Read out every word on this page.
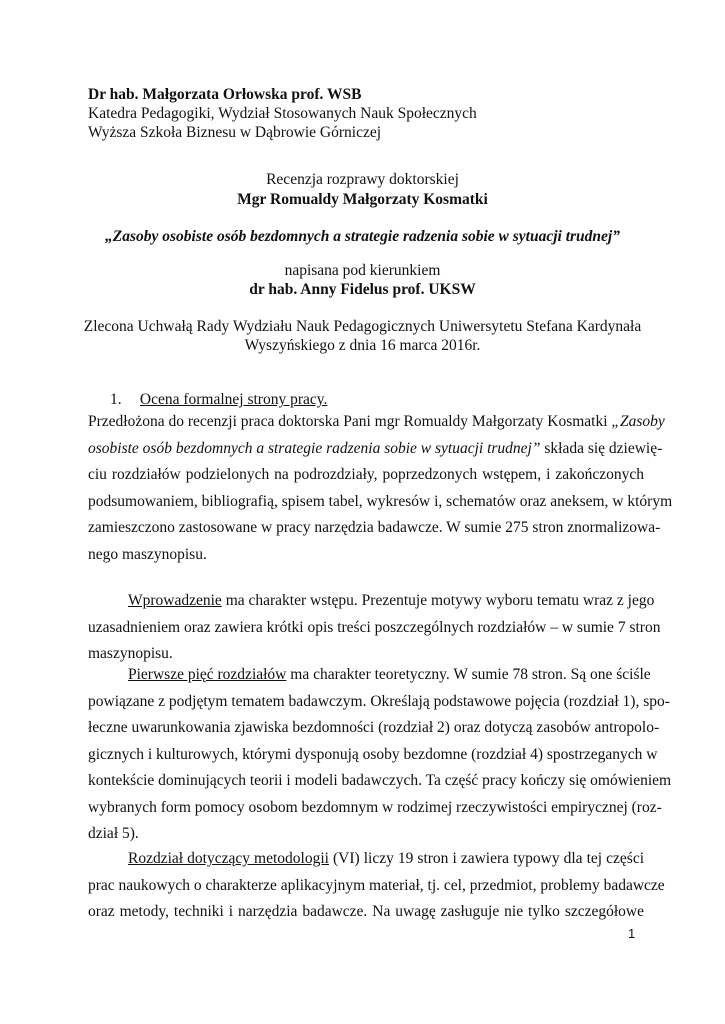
Dr hab. Małgorzata Orłowska prof. WSB
Katedra Pedagogiki, Wydział Stosowanych Nauk Społecznych
Wyższa Szkoła Biznesu w Dąbrowie Górniczej
Recenzja rozprawy doktorskiej
Mgr Romualdy Małgorzaty Kosmatki
„Zasoby osobiste osób bezdomnych a strategie radzenia sobie w sytuacji trudnej”
napisana pod kierunkiem
dr hab. Anny Fidelus prof. UKSW
Zlecona Uchwałą Rady Wydziału Nauk Pedagogicznych Uniwersytetu Stefana Kardynała
Wyszyńskiego z dnia 16 marca 2016r.
1. Ocena formalnej strony pracy.
Przedłożona do recenzji praca doktorska Pani mgr Romualdy Małgorzaty Kosmatki „Zasoby
osobiste osób bezdomnych a strategie radzenia sobie w sytuacji trudnej” składa się dziewię-
ciu rozdziałów podzielonych na podrozdziały, poprzedzonych wstępem, i zakończonych
podsumowaniem, bibliografią, spisem tabel, wykresów i, schematów oraz aneksem, w którym
zamieszczono zastosowane w pracy narzędzia badawcze. W sumie 275 stron znormalizowa-
nego maszynopisu.
Wprowadzenie ma charakter wstępu. Prezentuje motywy wyboru tematu wraz z jego
uzasadnieniem oraz zawiera krótki opis treści poszczególnych rozdziałów – w sumie 7 stron
maszynopisu.
Pierwsze pięć rozdziałów ma charakter teoretyczny. W sumie 78 stron. Są one ściśle
powiązane z podjętym tematem badawczym. Określają podstawowe pojęcia (rozdział 1), spo-
łeczne uwarunkowania zjawiska bezdomności (rozdział 2) oraz dotyczą zasobów antropolo-
gicznych i kulturowych, którymi dysponują osoby bezdomne (rozdział 4) spostrzeganych w
kontekście dominujących teorii i modeli badawczych. Ta część pracy kończy się omówieniem
wybranych form pomocy osobom bezdomnym w rodzimej rzeczywistości empirycznej (roz-
dział 5).
Rozdział dotyczący metodologii (VI) liczy 19 stron i zawiera typowy dla tej części
prac naukowych o charakterze aplikacyjnym materiał, tj. cel, przedmiot, problemy badawcze
oraz metody, techniki i narzędzia badawcze. Na uwagę zasługuje nie tylko szczegółowe
1
